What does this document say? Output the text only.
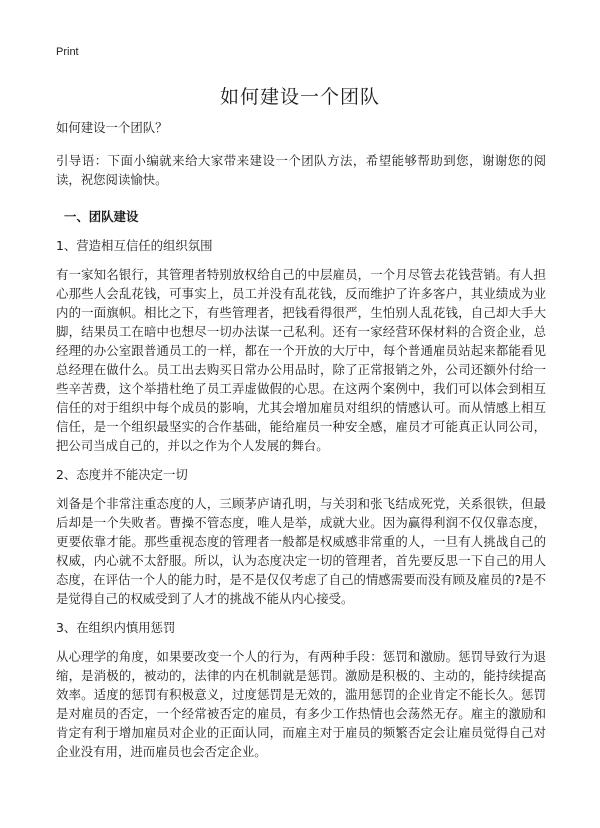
Print
如何建设一个团队

如何建设一个团队？

引导语：下面小编就来给大家带来建设一个团队方法，希望能够帮助到您，谢谢您的阅读，祝您阅读愉快。

一、团队建设

1、营造相互信任的组织氛围

有一家知名银行，其管理者特别放权给自己的中层雇员，一个月尽管去花钱营销。有人担心那些人会乱花钱，可事实上，员工并没有乱花钱，反而维护了许多客户，其业绩成为业内的一面旗帜。相比之下，有些管理者，把钱看得很严，生怕别人乱花钱，自己却大手大脚，结果员工在暗中也想尽一切办法谋一己私利。还有一家经营环保材料的合资企业，总经理的办公室跟普通员工的一样，都在一个开放的大厅中，每个普通雇员站起来都能看见总经理在做什么。员工出去购买日常办公用品时，除了正常报销之外，公司还额外付给一些辛苦费，这个举措杜绝了员工弄虚做假的心思。在这两个案例中，我们可以体会到相互信任的对于组织中每个成员的影响，尤其会增加雇员对组织的情感认可。而从情感上相互信任，是一个组织最坚实的合作基础，能给雇员一种安全感，雇员才可能真正认同公司，把公司当成自己的，并以之作为个人发展的舞台。

2、态度并不能决定一切

刘备是个非常注重态度的人，三顾茅庐请孔明，与关羽和张飞结成死党，关系很铁，但最后却是一个失败者。曹操不管态度，唯人是举，成就大业。因为赢得利润不仅仅靠态度，更要依靠才能。那些重视态度的管理者一般都是权威感非常重的人，一旦有人挑战自己的权威，内心就不太舒服。所以，认为态度决定一切的管理者，首先要反思一下自己的用人态度，在评估一个人的能力时，是不是仅仅考虑了自己的情感需要而没有顾及雇员的?是不是觉得自己的权威受到了人才的挑战不能从内心接受。

3、在组织内慎用惩罚

从心理学的角度，如果要改变一个人的行为，有两种手段：惩罚和激励。惩罚导致行为退缩，是消极的，被动的，法律的内在机制就是惩罚。激励是积极的、主动的，能持续提高效率。适度的惩罚有积极意义，过度惩罚是无效的，滥用惩罚的企业肯定不能长久。惩罚是对雇员的否定，一个经常被否定的雇员，有多少工作热情也会荡然无存。雇主的激励和肯定有利于增加雇员对企业的正面认同，而雇主对于雇员的频繁否定会让雇员觉得自己对企业没有用，进而雇员也会否定企业。
